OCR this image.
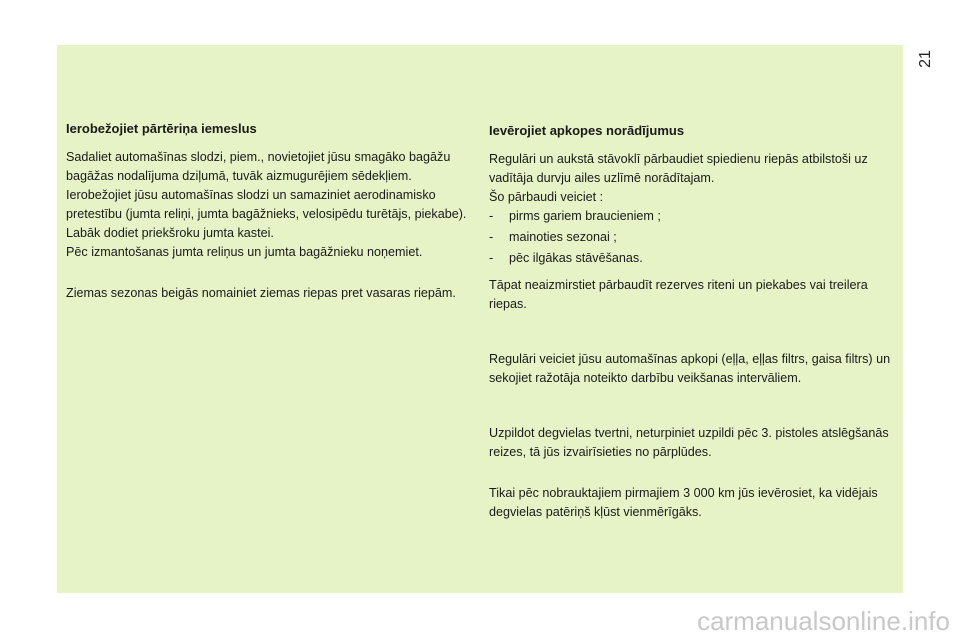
21
Ierobežojiet pārtēriņa iemeslus

Sadaliet automašīnas slodzi, piem., novietojiet jūsu smagāko bagāžu bagāžas nodalījuma dziļumā, tuvāk aizmugurējiem sēdekļiem.

Ierobežojiet jūsu automašīnas slodzi un samaziniet aerodinamisko pretestību (jumta reliņi, jumta bagāžnieks, velosipēdu turētājs, piekabe). Labāk dodiet priekšroku jumta kastei.

Pēc izmantošanas jumta reliņus un jumta bagāžnieku noņemiet.

Ziemas sezonas beigās nomainiet ziemas riepas pret vasaras riepām.

Ievērojiet apkopes norādījumus

Regulāri un aukstā stāvoklī pārbaudiet spiedienu riepās atbilstoši uz vadītāja durvju ailes uzlīmē norādītajam.

Šo pārbaudi veiciet :

- pirms gariem braucieniem ;
- mainoties sezonai ;
- pēc ilgākas stāvēšanas.

Tāpat neaizmirstiet pārbaudīt rezerves riteni un piekabes vai treilera riepas.

Regulāri veiciet jūsu automašīnas apkopi (eļļa, eļļas filtrs, gaisa filtrs) un sekojiet ražotāja noteikto darbību veikšanas intervāliem.

Uzpildot degvielas tvertni, neturpiniet uzpildi pēc 3. pistoles atslēgšanās reizes, tā jūs izvairīsieties no pārplūdes.

Tikai pēc nobrauktajiem pirmajiem 3 000 km jūs ievērosiet, ka vidējais degvielas patēriņš kļūst vienmērīgāks.

carmanualsonline.info
